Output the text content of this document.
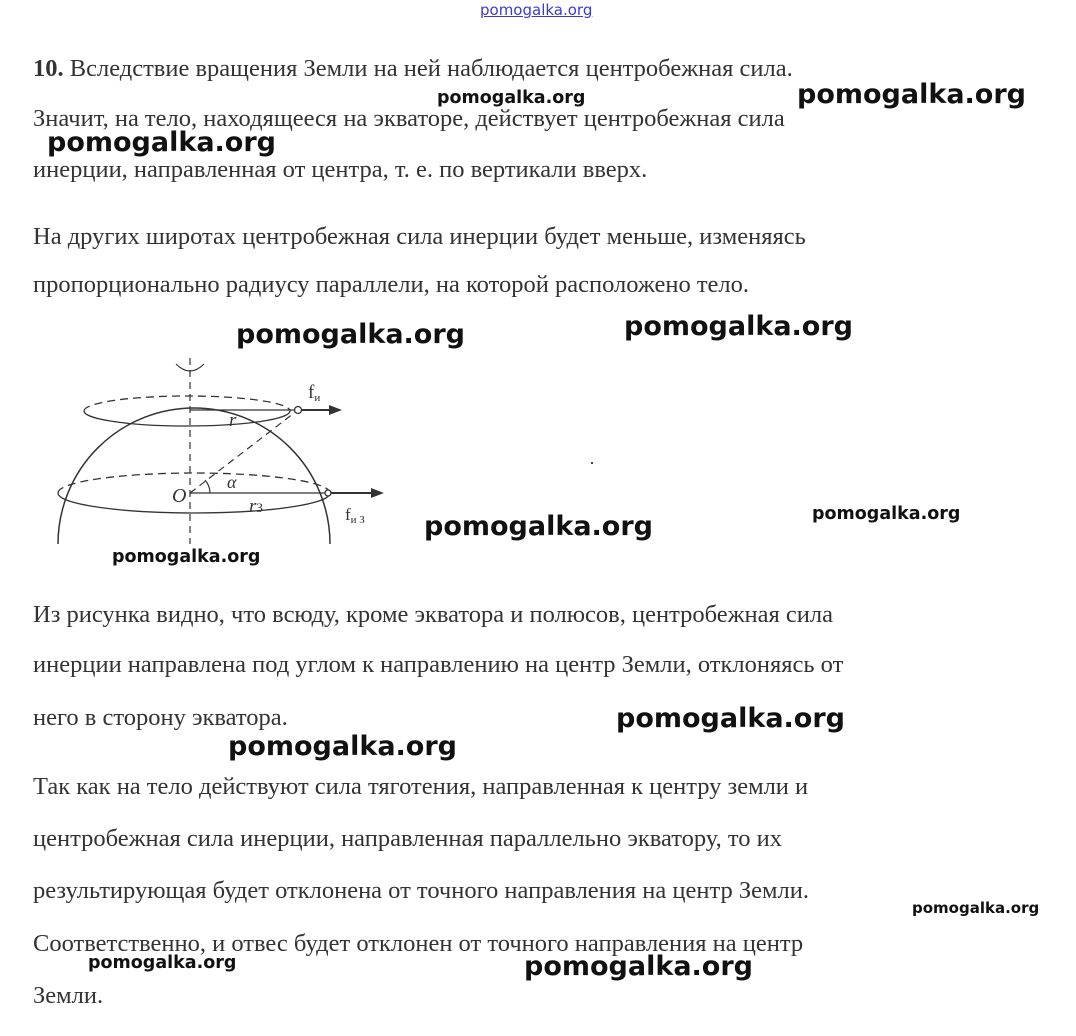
pomogalka.org
10. Вследствие вращения Земли на ней наблюдается центробежная сила.
Значит, на тело, находящееся на экваторе, действует центробежная сила
инерции, направленная от центра, т. е. по вертикали вверх.
На других широтах центробежная сила инерции будет меньше, изменяясь
пропорционально радиусу параллели, на которой расположено тело.
fи
r
O
α
rЗ	fи З
Из рисунка видно, что всюду, кроме экватора и полюсов, центробежная сила
инерции направлена под углом к направлению на центр Земли, отклоняясь от
него в сторону экватора.
Так как на тело действуют сила тяготения, направленная к центру земли и
центробежная сила инерции, направленная параллельно экватору, то их
результирующая будет отклонена от точного направления на центр Земли.
Соответственно, и отвес будет отклонен от точного направления на центр
Земли.
pomogalka.org	pomogalka.org
pomogalka.org
pomogalka.org	pomogalka.org
pomogalka.org	pomogalka.org
pomogalka.org
pomogalka.org
pomogalka.org
pomogalka.org
pomogalka.org	pomogalka.org
